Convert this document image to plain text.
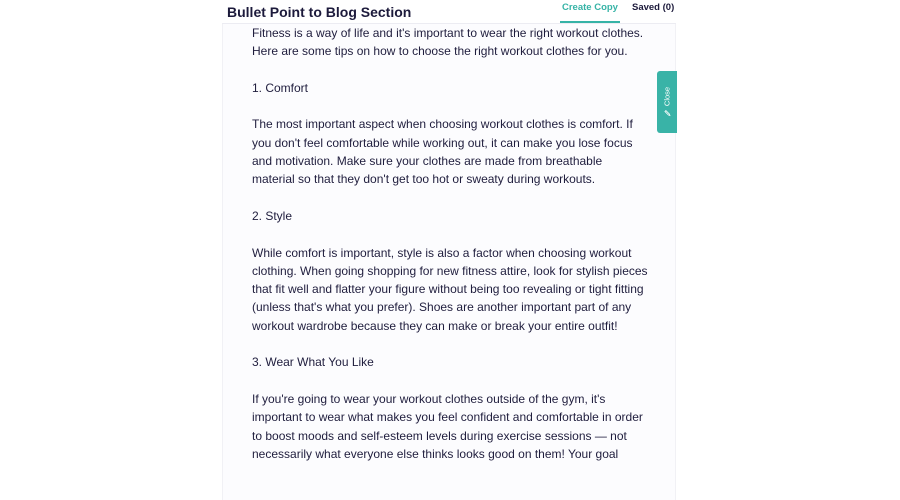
Bullet Point to Blog Section	Create Copy Saved (0)

Fitness is a way of life and it's important to wear the right workout clothes. Here are some tips on how to choose the right workout clothes for you.

1. Comfort

The most important aspect when choosing workout clothes is comfort. If you don't feel comfortable while working out, it can make you lose focus and motivation. Make sure your clothes are made from breathable material so that they don't get too hot or sweaty during workouts.

2. Style

While comfort is important, style is also a factor when choosing workout clothing. When going shopping for new fitness attire, look for stylish pieces that fit well and flatter your figure without being too revealing or tight fitting (unless that's what you prefer). Shoes are another important part of any workout wardrobe because they can make or break your entire outfit!

3. Wear What You Like

If you're going to wear your workout clothes outside of the gym, it's important to wear what makes you feel confident and comfortable in order to boost moods and self-esteem levels during exercise sessions — not necessarily what everyone else thinks looks good on them! Your goal

Close
